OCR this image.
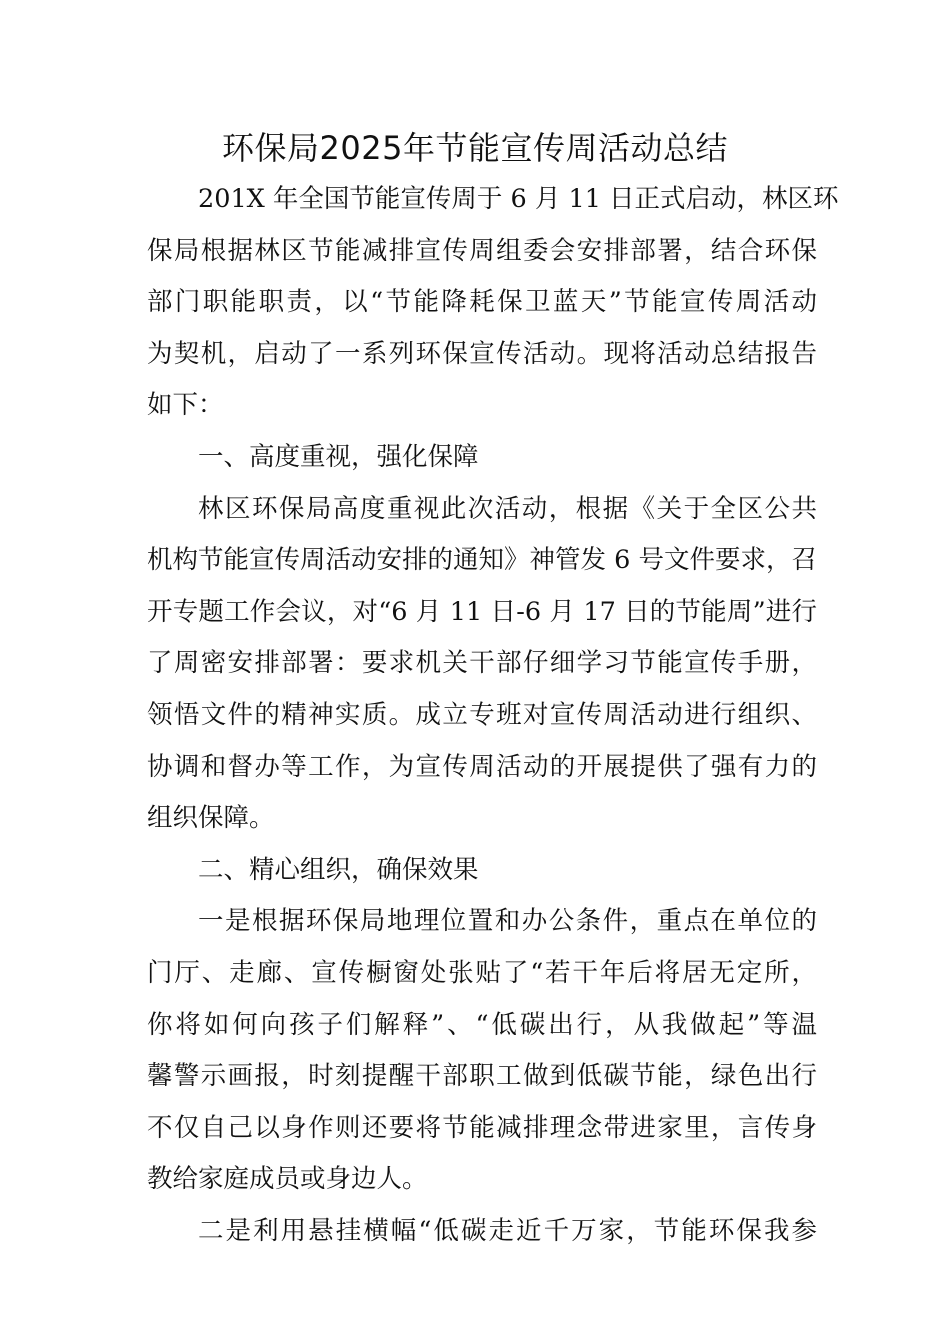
环保局2025年节能宣传周活动总结
201X 年全国节能宣传周于 6 月 11 日正式启动，林区环
保局根据林区节能减排宣传周组委会安排部署，结合环保
部门职能职责，以“节能降耗保卫蓝天”节能宣传周活动
为契机，启动了一系列环保宣传活动。现将活动总结报告
如下：
一、高度重视，强化保障
林区环保局高度重视此次活动，根据《关于全区公共
机构节能宣传周活动安排的通知》神管发 6 号文件要求，召
开专题工作会议，对“6 月 11 日-6 月 17 日的节能周”进行
了周密安排部署：要求机关干部仔细学习节能宣传手册，
领悟文件的精神实质。成立专班对宣传周活动进行组织、
协调和督办等工作，为宣传周活动的开展提供了强有力的
组织保障。
二、精心组织，确保效果
一是根据环保局地理位置和办公条件，重点在单位的
门厅、走廊、宣传橱窗处张贴了“若干年后将居无定所，
你将如何向孩子们解释”、“低碳出行，从我做起”等温
馨警示画报，时刻提醒干部职工做到低碳节能，绿色出行
不仅自己以身作则还要将节能减排理念带进家里，言传身
教给家庭成员或身边人。
二是利用悬挂横幅“低碳走近千万家，节能环保我参
